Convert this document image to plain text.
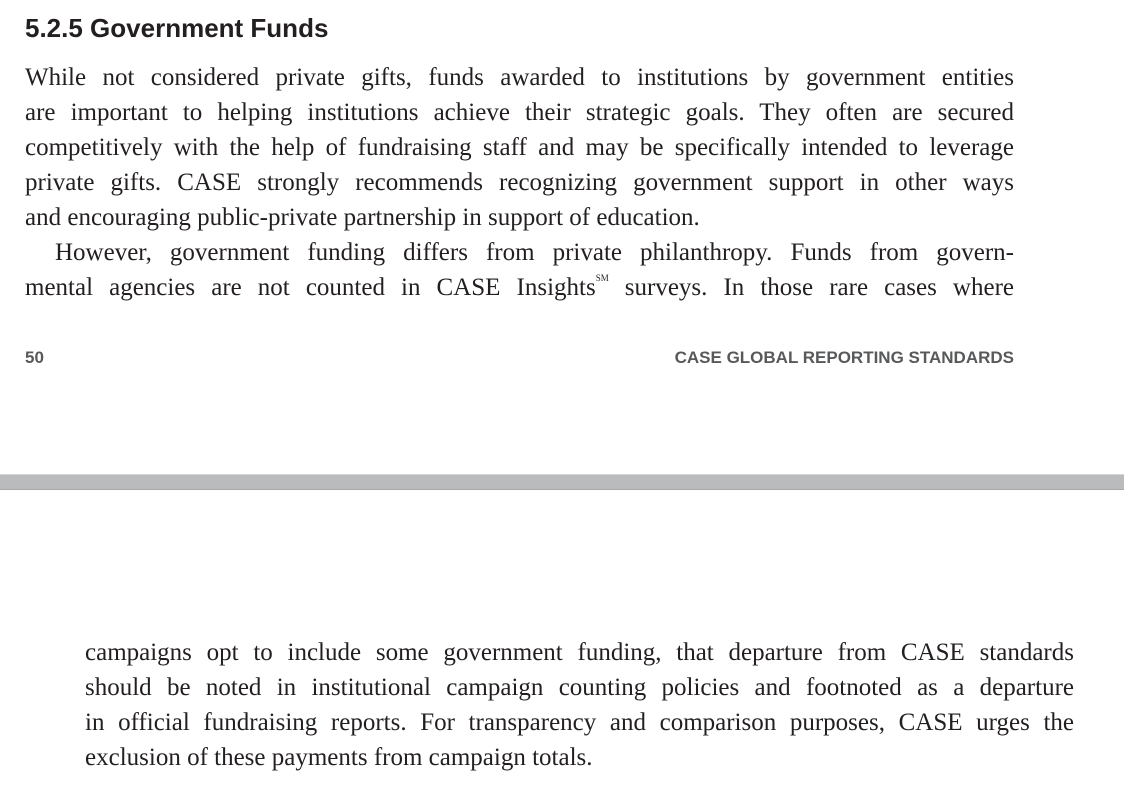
5.2.5 Government Funds

While not considered private gifts, funds awarded to institutions by government entities
are important to helping institutions achieve their strategic goals. They often are secured
competitively with the help of fundraising staff and may be specifically intended to leverage
private gifts. CASE strongly recommends recognizing government support in other ways
and encouraging public-private partnership in support of education.

However, government funding differs from private philanthropy. Funds from govern-
mental agencies are not counted in CASE Insights℠ surveys. In those rare cases where

50	CASE GLOBAL REPORTING STANDARDS

campaigns opt to include some government funding, that departure from CASE standards
should be noted in institutional campaign counting policies and footnoted as a departure
in official fundraising reports. For transparency and comparison purposes, CASE urges the
exclusion of these payments from campaign totals.
